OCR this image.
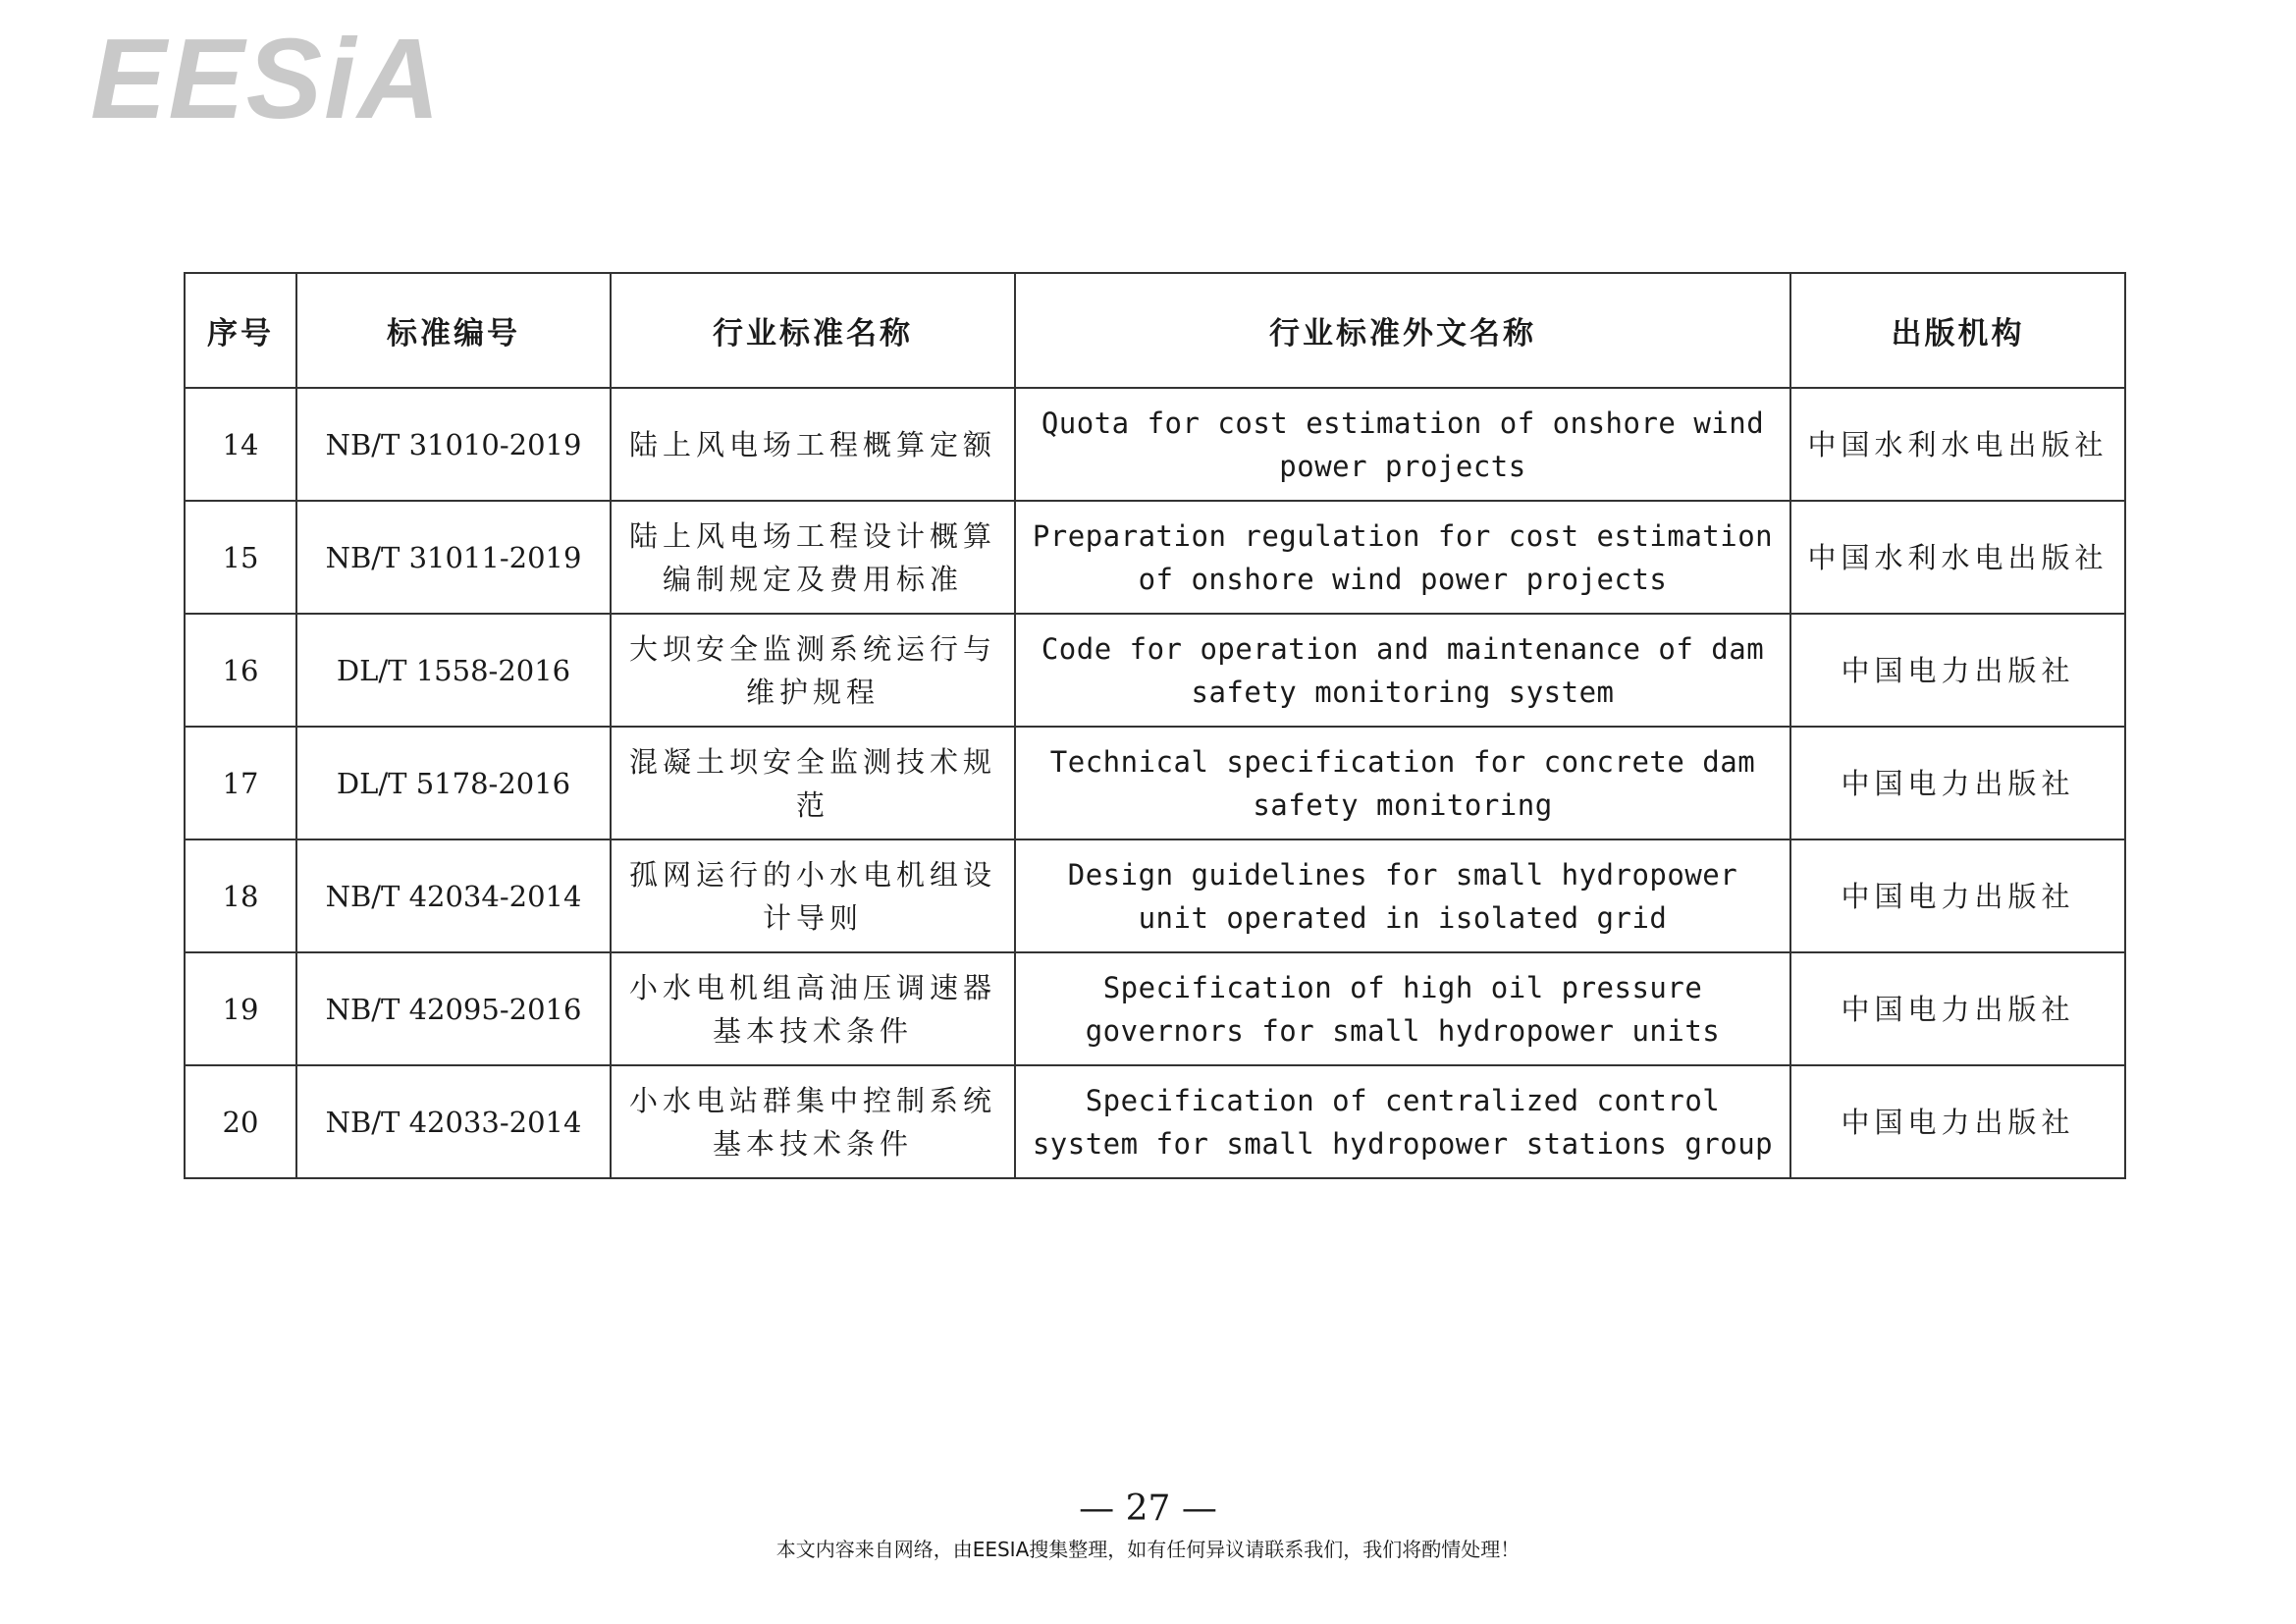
EESiA
序号	标准编号	行业标准名称	行业标准外文名称	出版机构
14	NB/T 31010-2019	陆上风电场工程概算定额	Quota for cost estimation of onshore wind power projects	中国水利水电出版社
15	NB/T 31011-2019	陆上风电场工程设计概算编制规定及费用标准	Preparation regulation for cost estimation of onshore wind power projects	中国水利水电出版社
16	DL/T 1558-2016	大坝安全监测系统运行与维护规程	Code for operation and maintenance of dam safety monitoring system	中国电力出版社
17	DL/T 5178-2016	混凝土坝安全监测技术规范	Technical specification for concrete dam safety monitoring	中国电力出版社
18	NB/T 42034-2014	孤网运行的小水电机组设计导则	Design guidelines for small hydropower unit operated in isolated grid	中国电力出版社
19	NB/T 42095-2016	小水电机组高油压调速器基本技术条件	Specification of high oil pressure governors for small hydropower units	中国电力出版社
20	NB/T 42033-2014	小水电站群集中控制系统基本技术条件	Specification of centralized control system for small hydropower stations group	中国电力出版社
— 27 —
本文内容来自网络，由EESIA搜集整理，如有任何异议请联系我们，我们将酌情处理！
